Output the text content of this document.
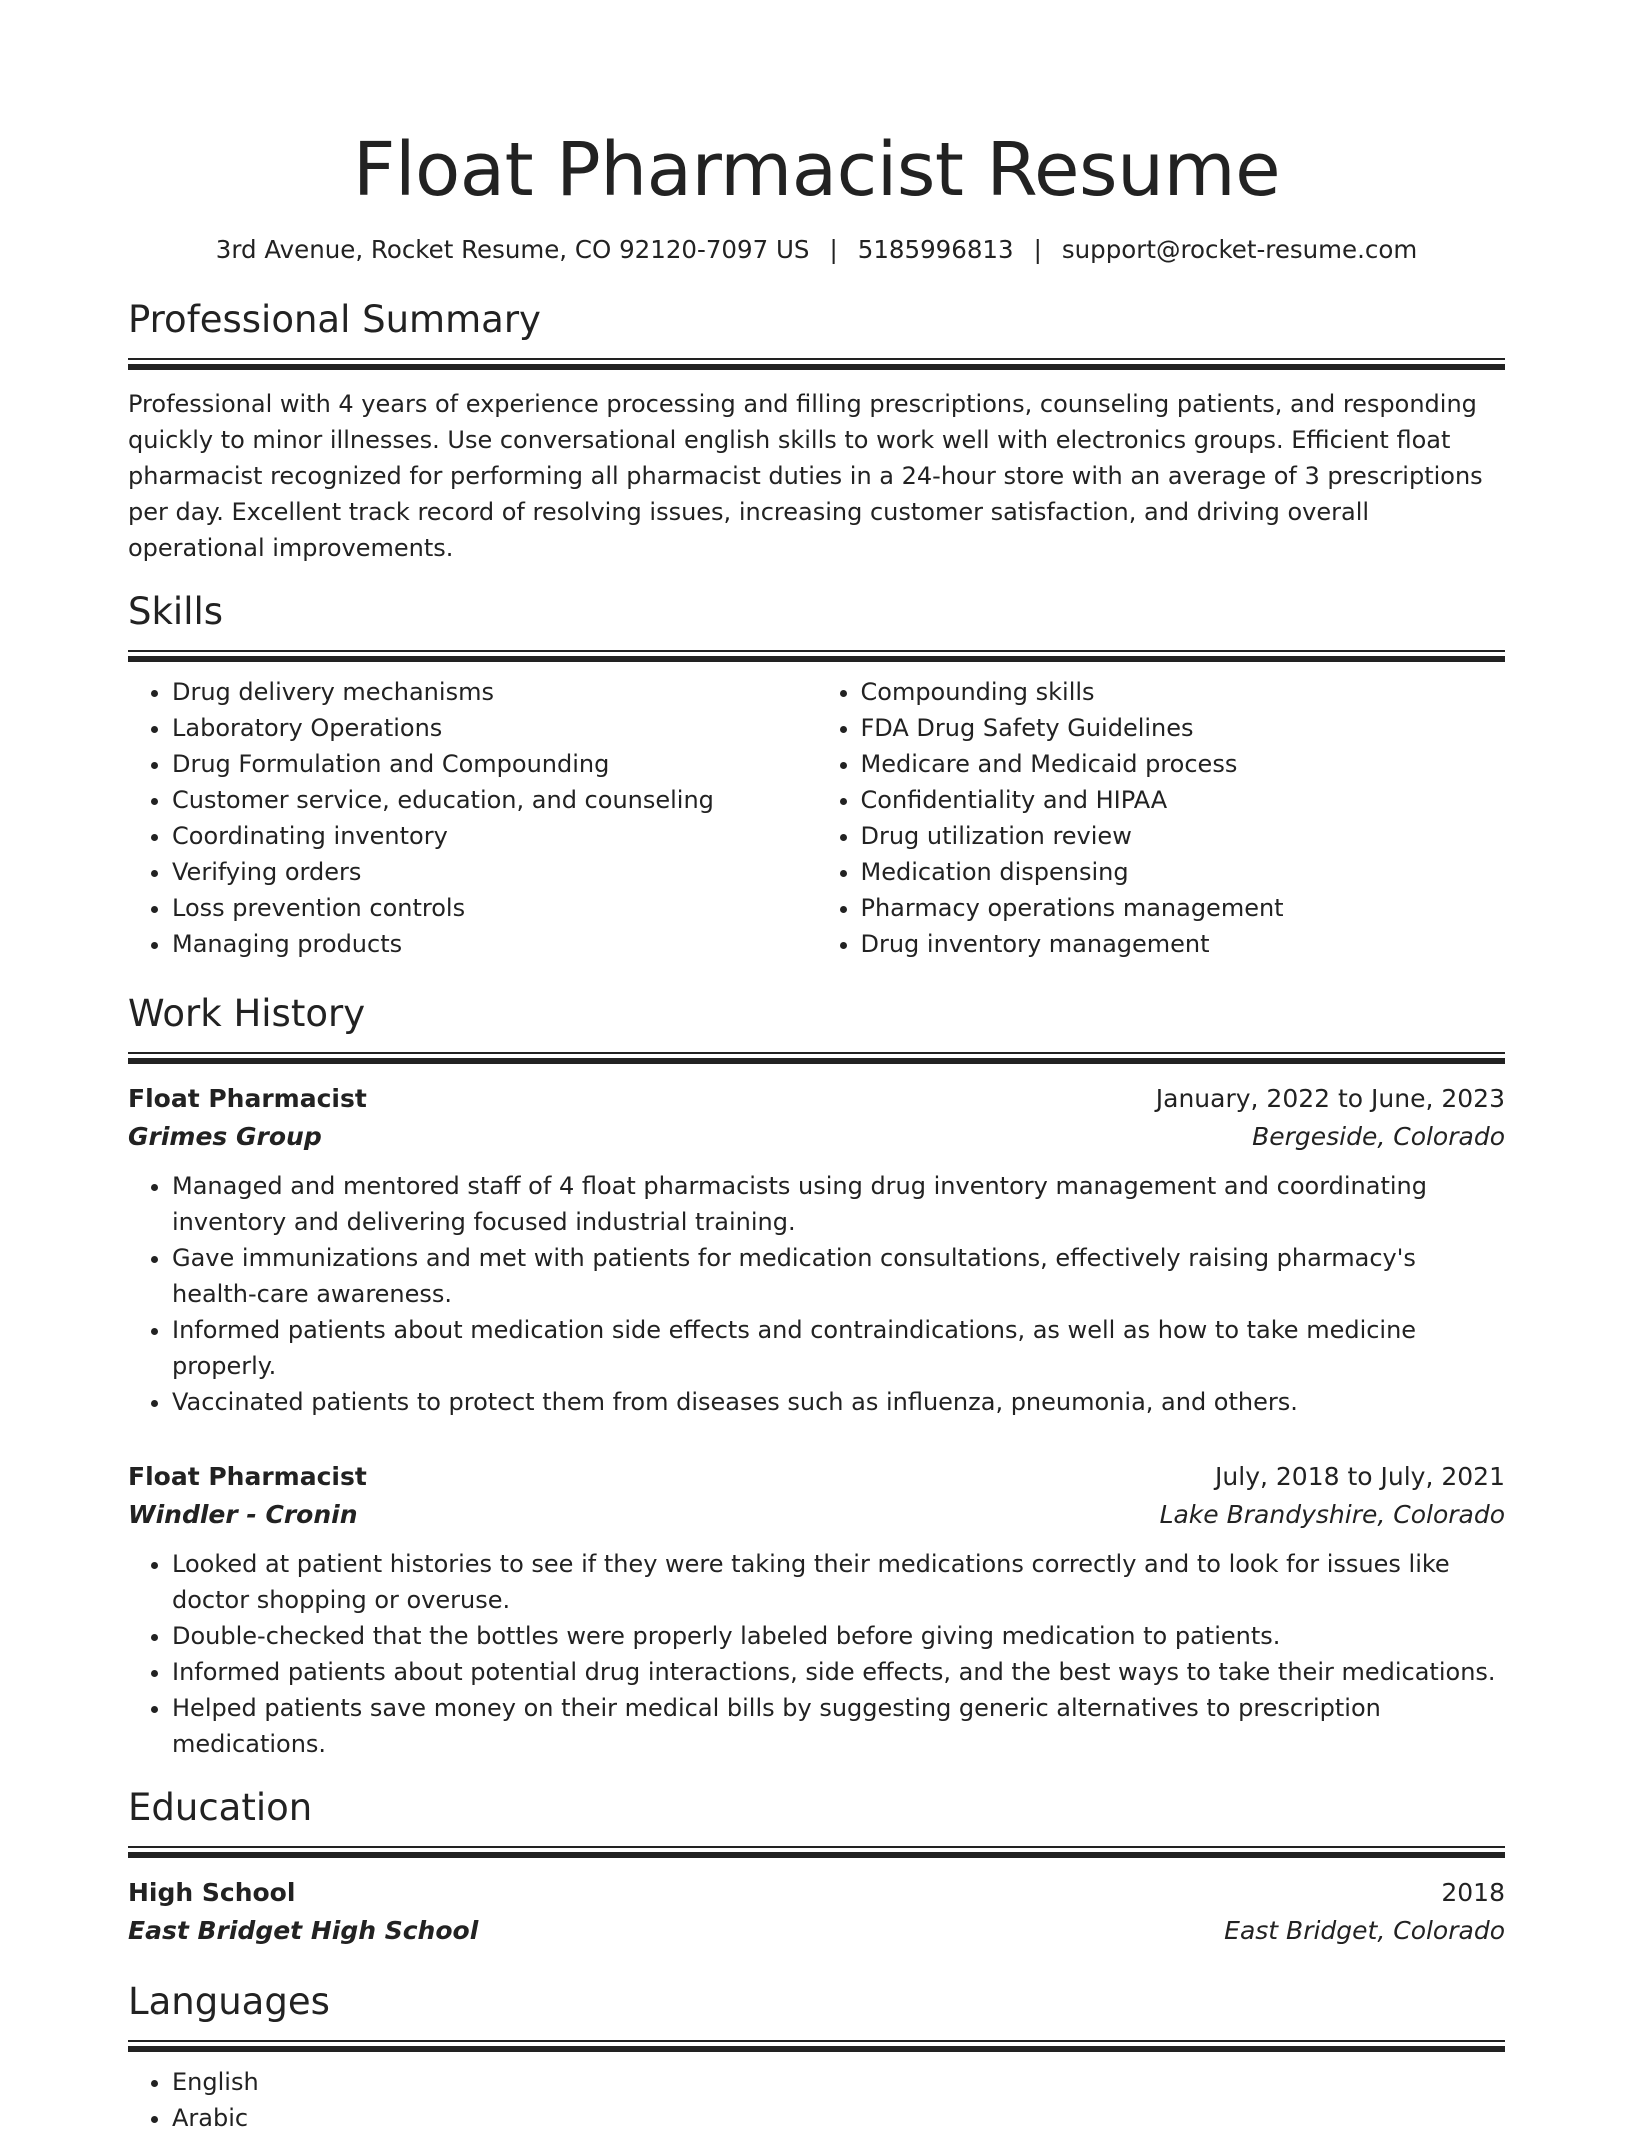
Float Pharmacist Resume
3rd Avenue, Rocket Resume, CO 92120-7097 US | 5185996813 | support@rocket-resume.com
Professional Summary

Professional with 4 years of experience processing and filling prescriptions, counseling patients, and responding quickly to minor illnesses. Use conversational english skills to work well with electronics groups. Efficient float pharmacist recognized for performing all pharmacist duties in a 24-hour store with an average of 3 prescriptions per day. Excellent track record of resolving issues, increasing customer satisfaction, and driving overall operational improvements.

Skills
• Drug delivery mechanisms
• Laboratory Operations
• Drug Formulation and Compounding
• Customer service, education, and counseling
• Coordinating inventory
• Verifying orders
• Loss prevention controls
• Managing products
• Compounding skills
• FDA Drug Safety Guidelines
• Medicare and Medicaid process
• Confidentiality and HIPAA
• Drug utilization review
• Medication dispensing
• Pharmacy operations management
• Drug inventory management
Work History
Float Pharmacist	January, 2022 to June, 2023
Grimes Group	Bergeside, Colorado
• Managed and mentored staff of 4 float pharmacists using drug inventory management and coordinating inventory and delivering focused industrial training.
• Gave immunizations and met with patients for medication consultations, effectively raising pharmacy's health-care awareness.
• Informed patients about medication side effects and contraindications, as well as how to take medicine properly.
• Vaccinated patients to protect them from diseases such as influenza, pneumonia, and others.
Float Pharmacist	July, 2018 to July, 2021
Windler - Cronin	Lake Brandyshire, Colorado
• Looked at patient histories to see if they were taking their medications correctly and to look for issues like doctor shopping or overuse.
• Double-checked that the bottles were properly labeled before giving medication to patients.
• Informed patients about potential drug interactions, side effects, and the best ways to take their medications.
• Helped patients save money on their medical bills by suggesting generic alternatives to prescription medications.
Education
High School	2018
East Bridget High School	East Bridget, Colorado
Languages
• English
• Arabic
